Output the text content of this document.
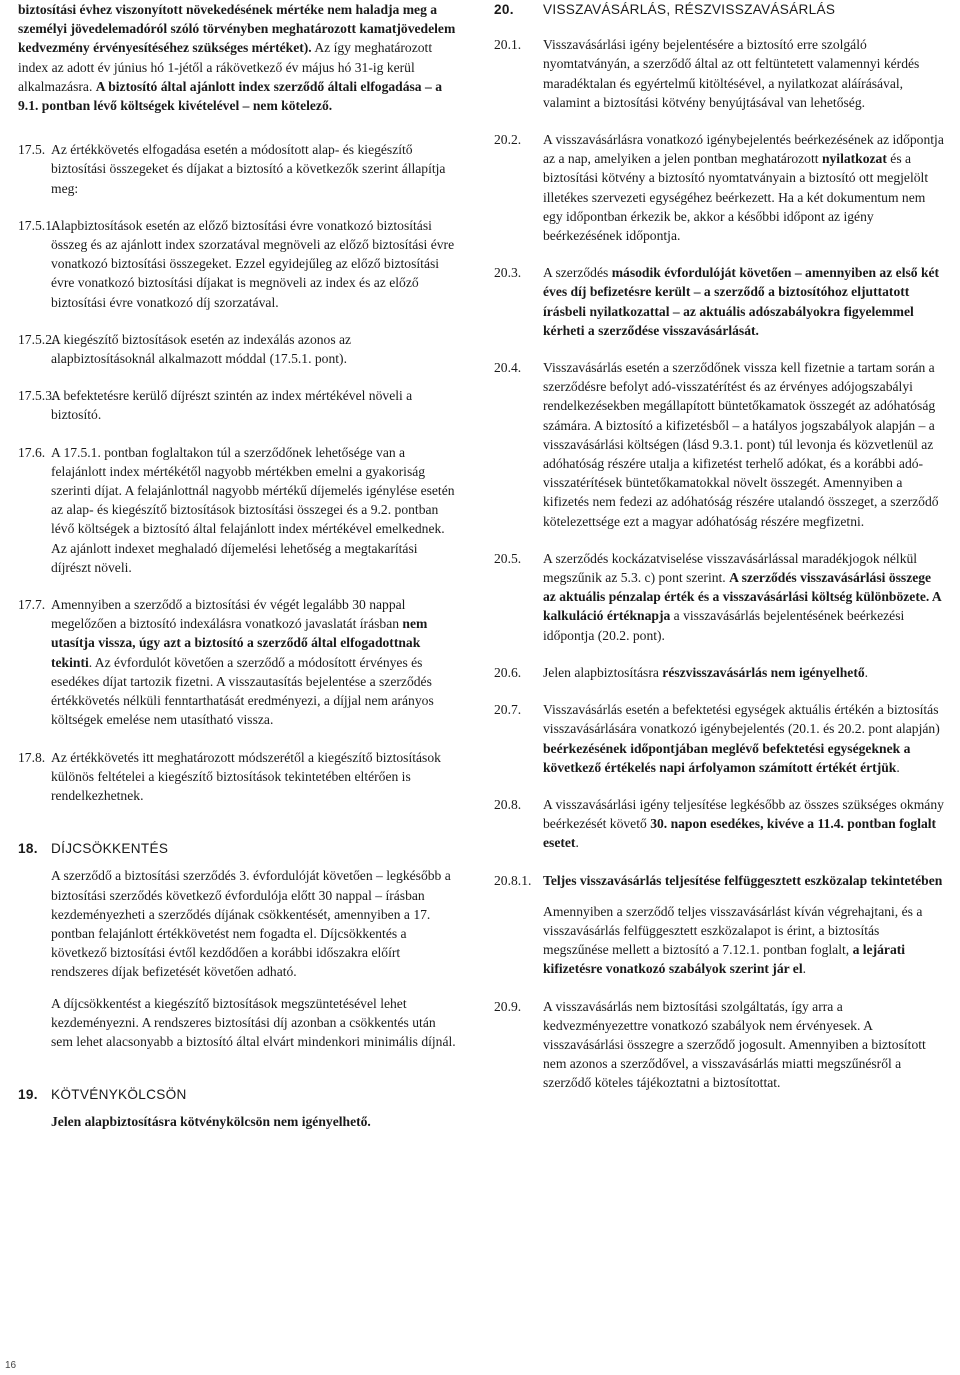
biztosítási évhez viszonyított növekedésének mértéke nem haladja meg a személyi jövedelemadóról szóló törvényben meghatározott kamatjövedelem kedvezmény érvényesítéséhez szükséges mértéket). Az így meghatározott index az adott év június hó 1-jétől a rákövetkező év május hó 31-ig kerül alkalmazásra. A biztosító által ajánlott index szerződő általi elfogadása – a 9.1. pontban lévő költségek kivételével – nem kötelező.

17.5. Az értékkövetés elfogadása esetén a módosított alap- és kiegészítő biztosítási összegeket és díjakat a biztosító a következők szerint állapítja meg:
17.5.1.
Alapbiztosítások esetén az előző biztosítási évre vonatkozó biztosítási összeg és az ajánlott index szorzatával megnöveli az előző biztosítási évre vonatkozó biztosítási összegeket. Ezzel egyidejűleg az előző biztosítási évre vonatkozó biztosítási díjakat is megnöveli az index és az előző biztosítási évre vonatkozó díj szorzatával.
17.5.2.
A kiegészítő biztosítások esetén az indexálás azonos az alapbiztosításoknál alkalmazott móddal (17.5.1. pont).
17.5.3.
A befektetésre kerülő díjrészt szintén az index mértékével növeli a biztosító.
17.6. A 17.5.1. pontban foglaltakon túl a szerződőnek lehetősége van a felajánlott index mértékétől nagyobb mértékben emelni a gyakoriság szerinti díjat. A felajánlottnál nagyobb mértékű díjemelés igénylése esetén az alap- és kiegészítő biztosítások biztosítási összegei és a 9.2. pontban lévő költségek a biztosító által felajánlott index mértékével emelkednek. Az ajánlott indexet meghaladó díjemelési lehetőség a megtakarítási díjrészt növeli.
17.7. Amennyiben a szerződő a biztosítási év végét legalább 30 nappal megelőzően a biztosító indexálásra vonatkozó javaslatát írásban nem utasítja vissza, úgy azt a biztosító a szerződő által elfogadottnak tekinti. Az évfordulót követően a szerződő a módosított érvényes és esedékes díjat tartozik fizetni. A visszautasítás bejelentése a szerződés értékkövetés nélküli fenntarthatását eredményezi, a díjjal nem arányos költségek emelése nem utasítható vissza.
17.8. Az értékkövetés itt meghatározott módszerétől a kiegészítő biztosítások különös feltételei a kiegészítő biztosítások tekintetében eltérően is rendelkezhetnek.
18. DÍJCSÖKKENTÉS
A szerződő a biztosítási szerződés 3. évfordulóját követően – legkésőbb a biztosítási szerződés következő évfordulója előtt 30 nappal – írásban kezdeményezheti a szerződés díjának csökkentését, amennyiben a 17. pontban felajánlott értékkövetést nem fogadta el. Díjcsökkentés a következő biztosítási évtől kezdődően a korábbi időszakra előírt rendszeres díjak befizetését követően adható.
A díjcsökkentést a kiegészítő biztosítások megszüntetésével lehet kezdeményezni. A rendszeres biztosítási díj azonban a csökkentés után sem lehet alacsonyabb a biztosító által elvárt mindenkori minimális díjnál.
19. KÖTVÉNYKÖLCSÖN
Jelen alapbiztosításra kötvénykölcsön nem igényelhető.
20.	VISSZAVÁSÁRLÁS, RÉSZVISSZAVÁSÁRLÁS
20.1.	Visszavásárlási igény bejelentésére a biztosító erre szolgáló nyomtatványán, a szerződő által az ott feltüntetett valamennyi kérdés maradéktalan és egyértelmű kitöltésével, a nyilatkozat aláírásával, valamint a biztosítási kötvény benyújtásával van lehetőség.
20.2.	A visszavásárlásra vonatkozó igénybejelentés beérkezésének az időpontja az a nap, amelyiken a jelen pontban meghatározott nyilatkozat és a biztosítási kötvény a biztosító nyomtatványain a biztosító ott megjelölt illetékes szervezeti egységéhez beérkezett. Ha a két dokumentum nem egy időpontban érkezik be, akkor a későbbi időpont az igény beérkezésének időpontja.
20.3.	A szerződés második évfordulóját követően – amennyiben az első két éves díj befizetésre került – a szerződő a biztosítóhoz eljuttatott írásbeli nyilatkozattal – az aktuális adószabályokra figyelemmel kérheti a szerződése visszavásárlását.
20.4.	Visszavásárlás esetén a szerződőnek vissza kell fizetnie a tartam során a szerződésre befolyt adó-visszatérítést és az érvényes adójogszabályi rendelkezésekben megállapított büntetőkamatok összegét az adóhatóság számára. A biztosító a kifizetésből – a hatályos jogszabályok alapján – a visszavásárlási költségen (lásd 9.3.1. pont) túl levonja és közvetlenül az adóhatóság részére utalja a kifizetést terhelő adókat, és a korábbi adó-visszatérítések büntetőkamatokkal növelt összegét. Amennyiben a kifizetés nem fedezi az adóhatóság részére utalandó összeget, a szerződő kötelezettsége ezt a magyar adóhatóság részére megfizetni.
20.5.	A szerződés kockázatviselése visszavásárlással maradékjogok nélkül megszűnik az 5.3. c) pont szerint. A szerződés visszavásárlási összege az aktuális pénzalap érték és a visszavásárlási költség különbözete. A kalkuláció értéknapja a visszavásárlás bejelentésének beérkezési időpontja (20.2. pont).
20.6.	Jelen alapbiztosításra részvisszavásárlás nem igényelhető.
20.7.	Visszavásárlás esetén a befektetési egységek aktuális értékén a biztosítás visszavásárlására vonatkozó igénybejelentés (20.1. és 20.2. pont alapján) beérkezésének időpontjában meglévő befektetési egységeknek a következő értékelés napi árfolyamon számított értékét értjük.
20.8.	A visszavásárlási igény teljesítése legkésőbb az összes szükséges okmány beérkezését követő 30. napon esedékes, kivéve a 11.4. pontban foglalt esetet.
20.8.1. Teljes visszavásárlás teljesítése felfüggesztett eszközalap tekintetében
Amennyiben a szerződő teljes visszavásárlást kíván végrehajtani, és a visszavásárlás felfüggesztett eszközalapot is érint, a biztosítás megszűnése mellett a biztosító a 7.12.1. pontban foglalt, a lejárati kifizetésre vonatkozó szabályok szerint jár el.
20.9.	A visszavásárlás nem biztosítási szolgáltatás, így arra a kedvezményezettre vonatkozó szabályok nem érvényesek. A visszavásárlási összegre a szerződő jogosult. Amennyiben a biztosított nem azonos a szerződővel, a visszavásárlás miatti megszűnésről a szerződő köteles tájékoztatni a biztosítottat.
16
